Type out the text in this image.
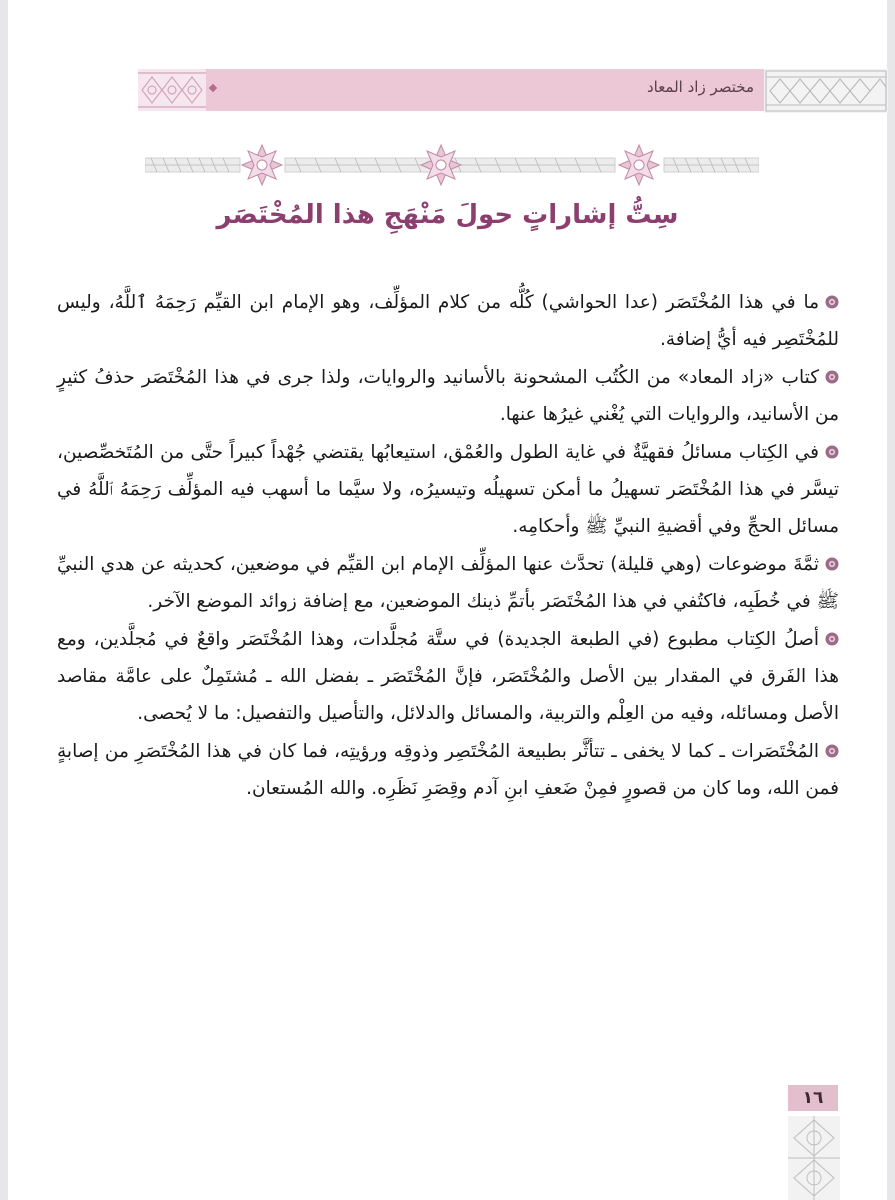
مختصر زاد المعاد
سِتُّ إشاراتٍ حولَ مَنْهَجِ هذا المُخْتَصَر

ما في هذا المُخْتَصَر (عدا الحواشي) كُلُّه من كلام المؤلِّف، وهو الإمام ابن القيِّم رَحِمَهُ ٱللَّهُ، وليس للمُخْتَصِر فيه أيُّ إضافة.

كتاب «زاد المعاد» من الكُتُب المشحونة بالأسانيد والروايات، ولذا جرى في هذا المُخْتَصَر حذفُ كثيرٍ من الأسانيد، والروايات التي يُغْني غيرُها عنها.

في الكِتاب مسائلُ فقهيَّةٌ في غاية الطول والعُمْق، استيعابُها يقتضي جُهْداً كبيراً حتَّى من المُتَخصِّصين، تيسَّر في هذا المُخْتَصَر تسهيلُ ما أمكن تسهيلُه وتيسيرُه، ولا سيَّما ما أسهب فيه المؤلِّف رَحِمَهُ ٱللَّهُ في مسائل الحجِّ وفي أقضيةِ النبيِّ ﷺ وأحكامِه.

ثمَّةَ موضوعات (وهي قليلة) تحدَّث عنها المؤلِّف الإمام ابن القيِّم في موضعين، كحديثه عن هدي النبيِّ ﷺ في خُطَبِه، فاكتُفي في هذا المُخْتَصَر بأتمِّ ذينك الموضعين، مع إضافة زوائد الموضع الآخر.

أصلُ الكِتاب مطبوع (في الطبعة الجديدة) في ستَّة مُجلَّدات، وهذا المُخْتَصَر واقعٌ في مُجلَّدين، ومع هذا الفَرق في المقدار بين الأصل والمُخْتَصَر، فإنَّ المُخْتَصَر ـ بفضل الله ـ مُشتَمِلٌ على عامَّة مقاصد الأصل ومسائله، وفيه من العِلْم والتربية، والمسائل والدلائل، والتأصيل والتفصيل: ما لا يُحصى.

المُخْتَصَرات ـ كما لا يخفى ـ تتأثَّر بطبيعة المُخْتَصِر وذوقِه ورؤيتِه، فما كان في هذا المُخْتَصَرِ من إصابةٍ فمن الله، وما كان من قصورٍ فمِنْ ضَعفِ ابنِ آدم وقِصَرِ نَظَرِه. والله المُستعان.

١٦
